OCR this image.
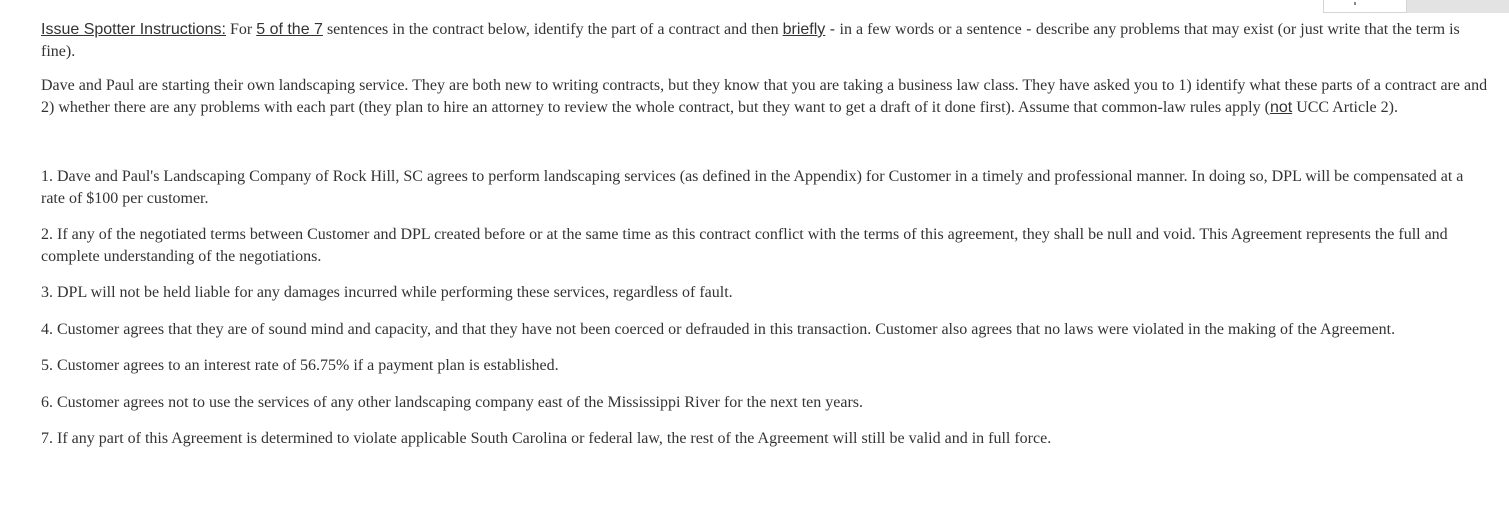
Issue Spotter Instructions: For 5 of the 7 sentences in the contract below, identify the part of a contract and then briefly - in a few words or a sentence - describe any problems that may exist (or just write that the term is fine).

Dave and Paul are starting their own landscaping service. They are both new to writing contracts, but they know that you are taking a business law class. They have asked you to 1) identify what these parts of a contract are and 2) whether there are any problems with each part (they plan to hire an attorney to review the whole contract, but they want to get a draft of it done first). Assume that common-law rules apply (not UCC Article 2).

1. Dave and Paul's Landscaping Company of Rock Hill, SC agrees to perform landscaping services (as defined in the Appendix) for Customer in a timely and professional manner. In doing so, DPL will be compensated at a rate of $100 per customer.

2. If any of the negotiated terms between Customer and DPL created before or at the same time as this contract conflict with the terms of this agreement, they shall be null and void. This Agreement represents the full and complete understanding of the negotiations.

3. DPL will not be held liable for any damages incurred while performing these services, regardless of fault.

4. Customer agrees that they are of sound mind and capacity, and that they have not been coerced or defrauded in this transaction. Customer also agrees that no laws were violated in the making of the Agreement.

5. Customer agrees to an interest rate of 56.75% if a payment plan is established.

6. Customer agrees not to use the services of any other landscaping company east of the Mississippi River for the next ten years.

7. If any part of this Agreement is determined to violate applicable South Carolina or federal law, the rest of the Agreement will still be valid and in full force.
